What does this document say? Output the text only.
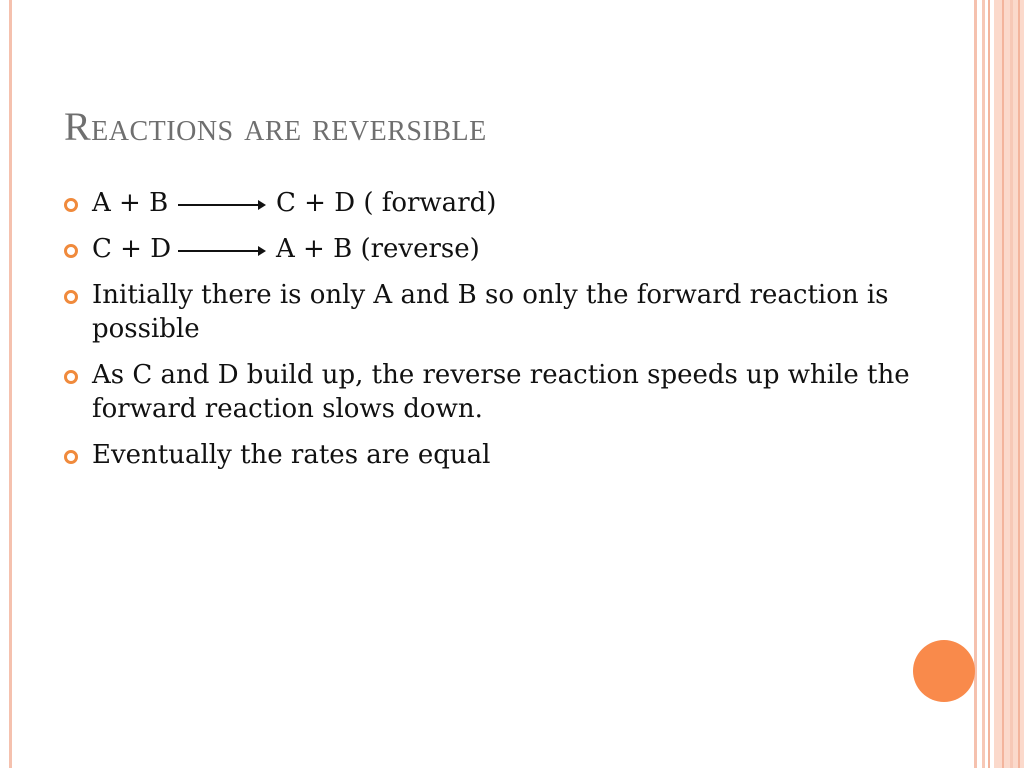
Reactions are reversible
A + B	C + D ( forward)
C + D	A + B (reverse)
Initially there is only A and B so only the forward reaction is possible
As C and D build up, the reverse reaction speeds up while the forward reaction slows down.
Eventually the rates are equal
